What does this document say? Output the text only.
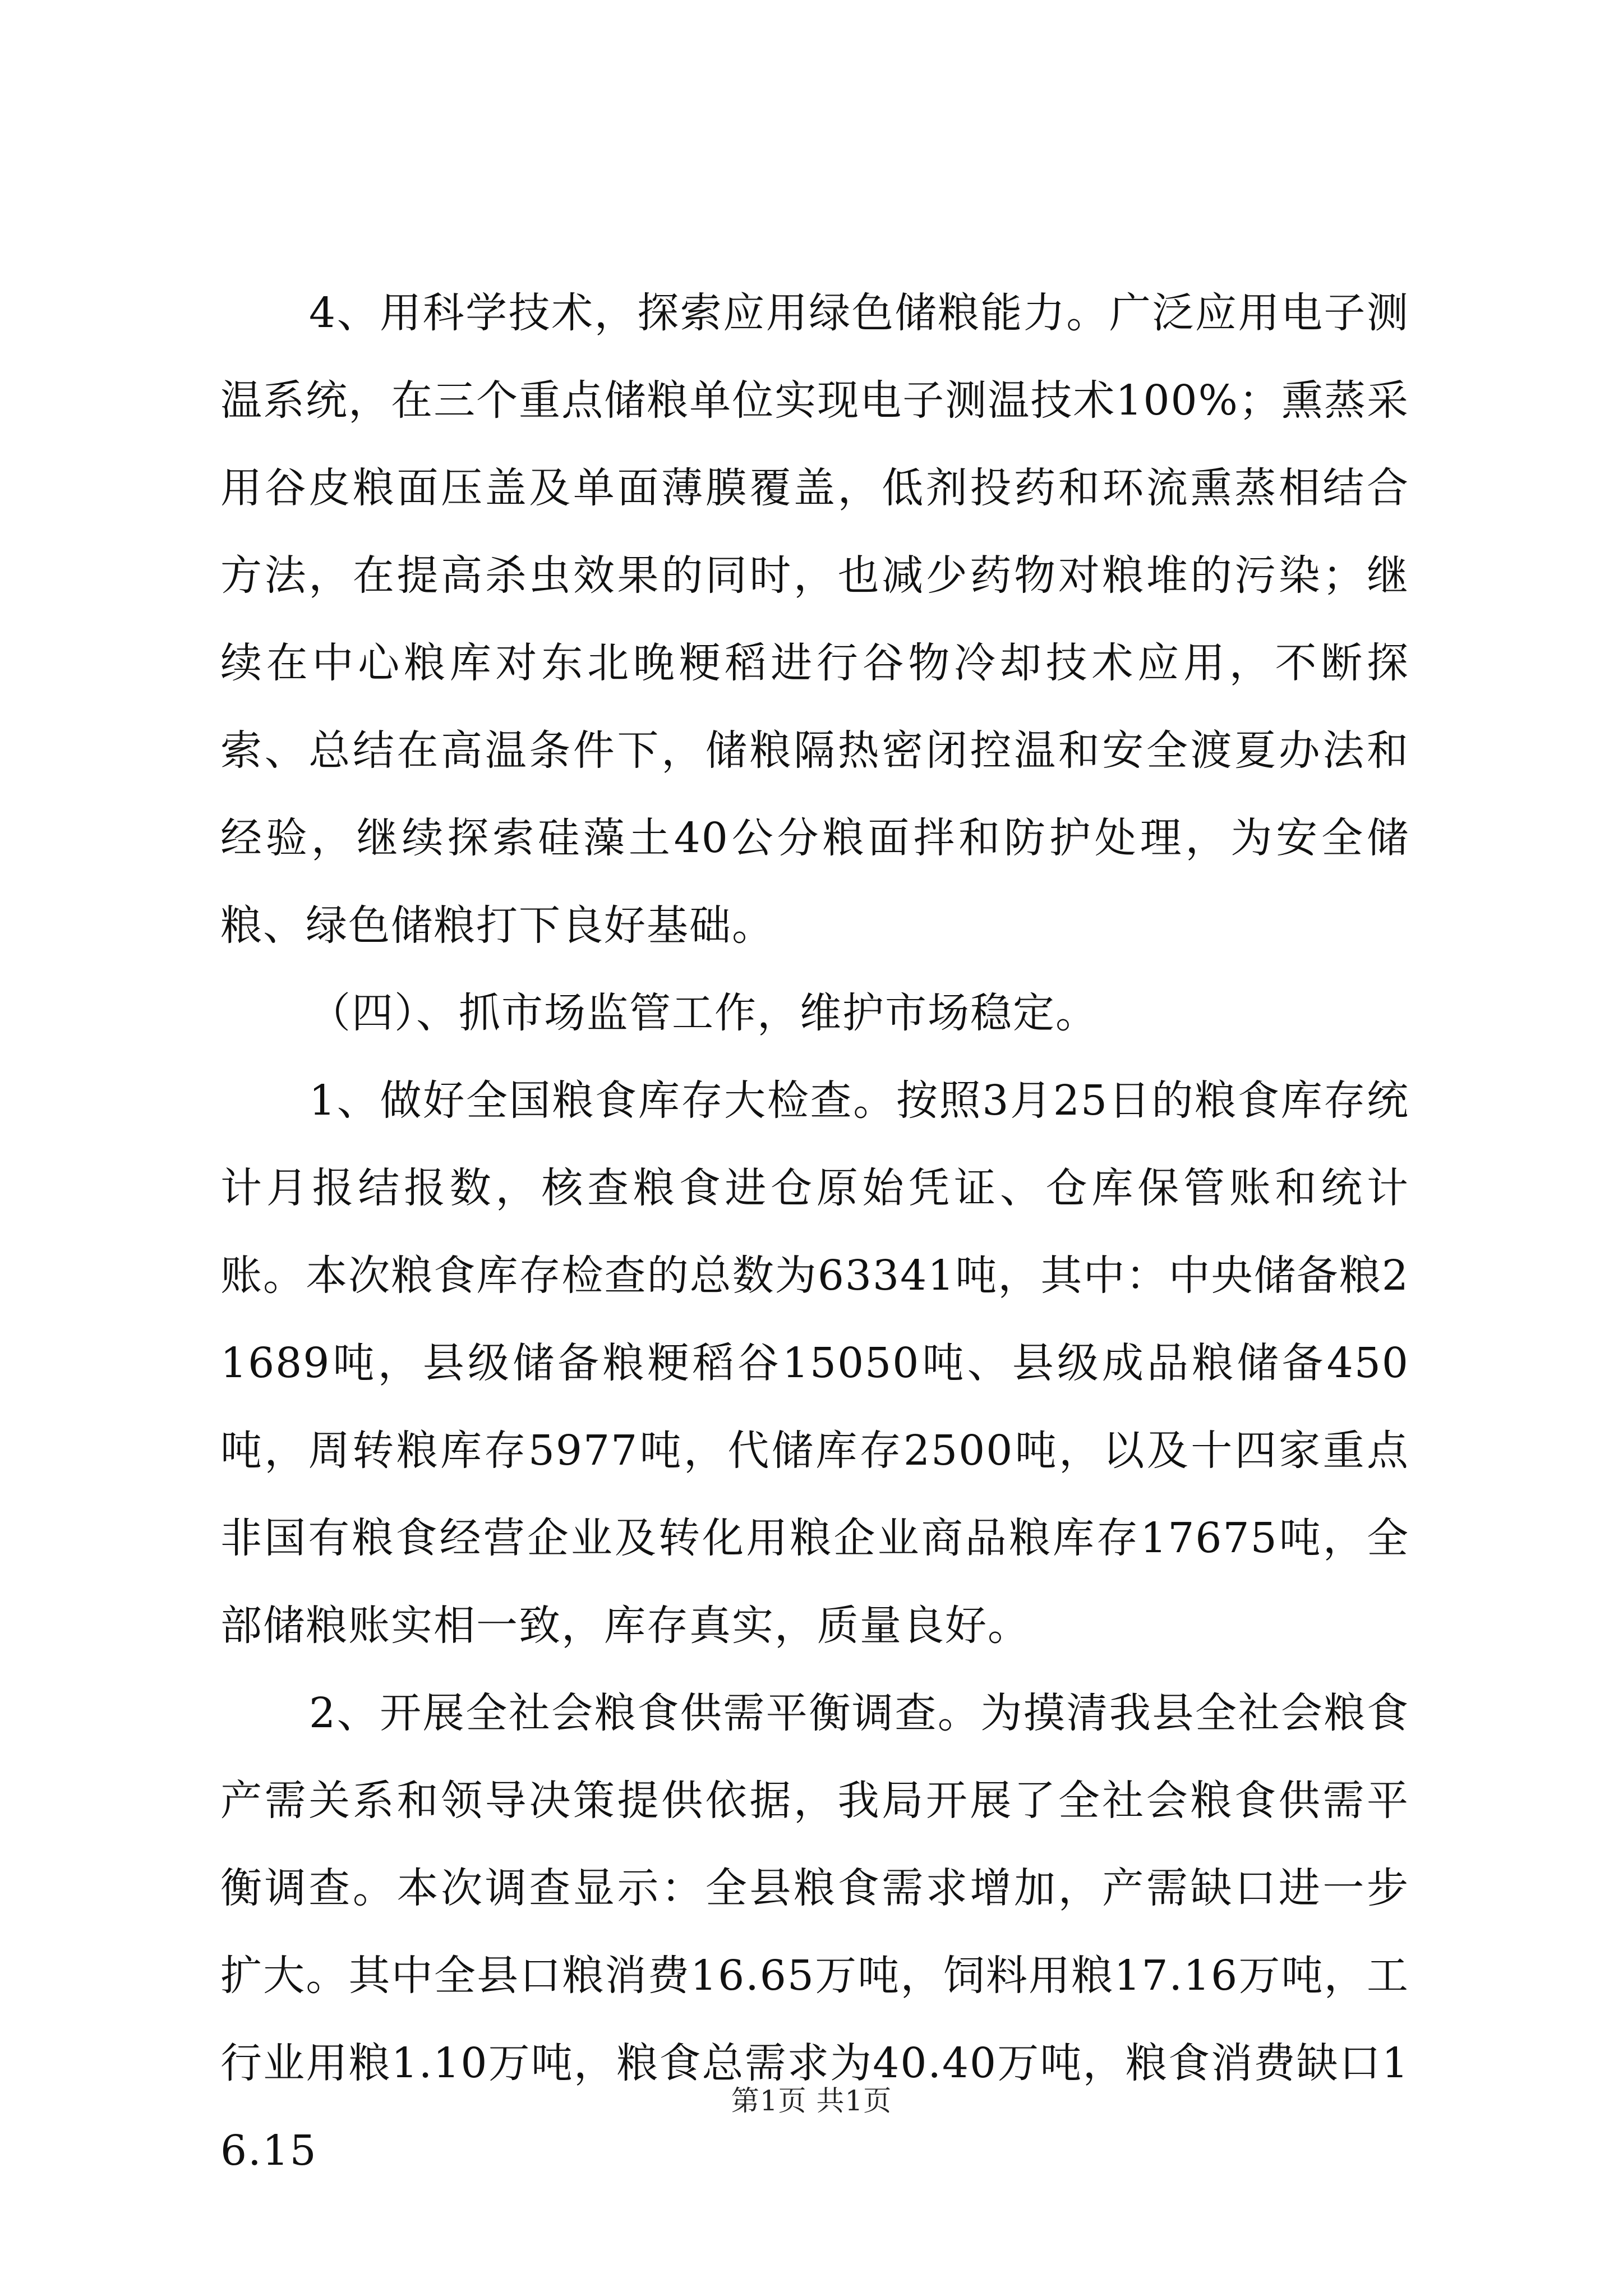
4、用科学技术，探索应用绿色储粮能力。广泛应用电子测温系统，在三个重点储粮单位实现电子测温技术100%；熏蒸采用谷皮粮面压盖及单面薄膜覆盖，低剂投药和环流熏蒸相结合方法，在提高杀虫效果的同时，也减少药物对粮堆的污染；继续在中心粮库对东北晚粳稻进行谷物冷却技术应用，不断探索、总结在高温条件下，储粮隔热密闭控温和安全渡夏办法和经验，继续探索硅藻土40公分粮面拌和防护处理，为安全储粮、绿色储粮打下良好基础。

（四）、抓市场监管工作，维护市场稳定。

1、做好全国粮食库存大检查。按照3月25日的粮食库存统计月报结报数，核查粮食进仓原始凭证、仓库保管账和统计账。本次粮食库存检查的总数为63341吨，其中：中央储备粮21689吨，县级储备粮粳稻谷15050吨、县级成品粮储备450吨，周转粮库存5977吨，代储库存2500吨，以及十四家重点非国有粮食经营企业及转化用粮企业商品粮库存17675吨，全部储粮账实相一致，库存真实，质量良好。

2、开展全社会粮食供需平衡调查。为摸清我县全社会粮食产需关系和领导决策提供依据，我局开展了全社会粮食供需平衡调查。本次调查显示：全县粮食需求增加，产需缺口进一步扩大。其中全县口粮消费16.65万吨，饲料用粮17.16万吨，工行业用粮1.10万吨，粮食总需求为40.40万吨，粮食消费缺口16.15

第1页 共1页
